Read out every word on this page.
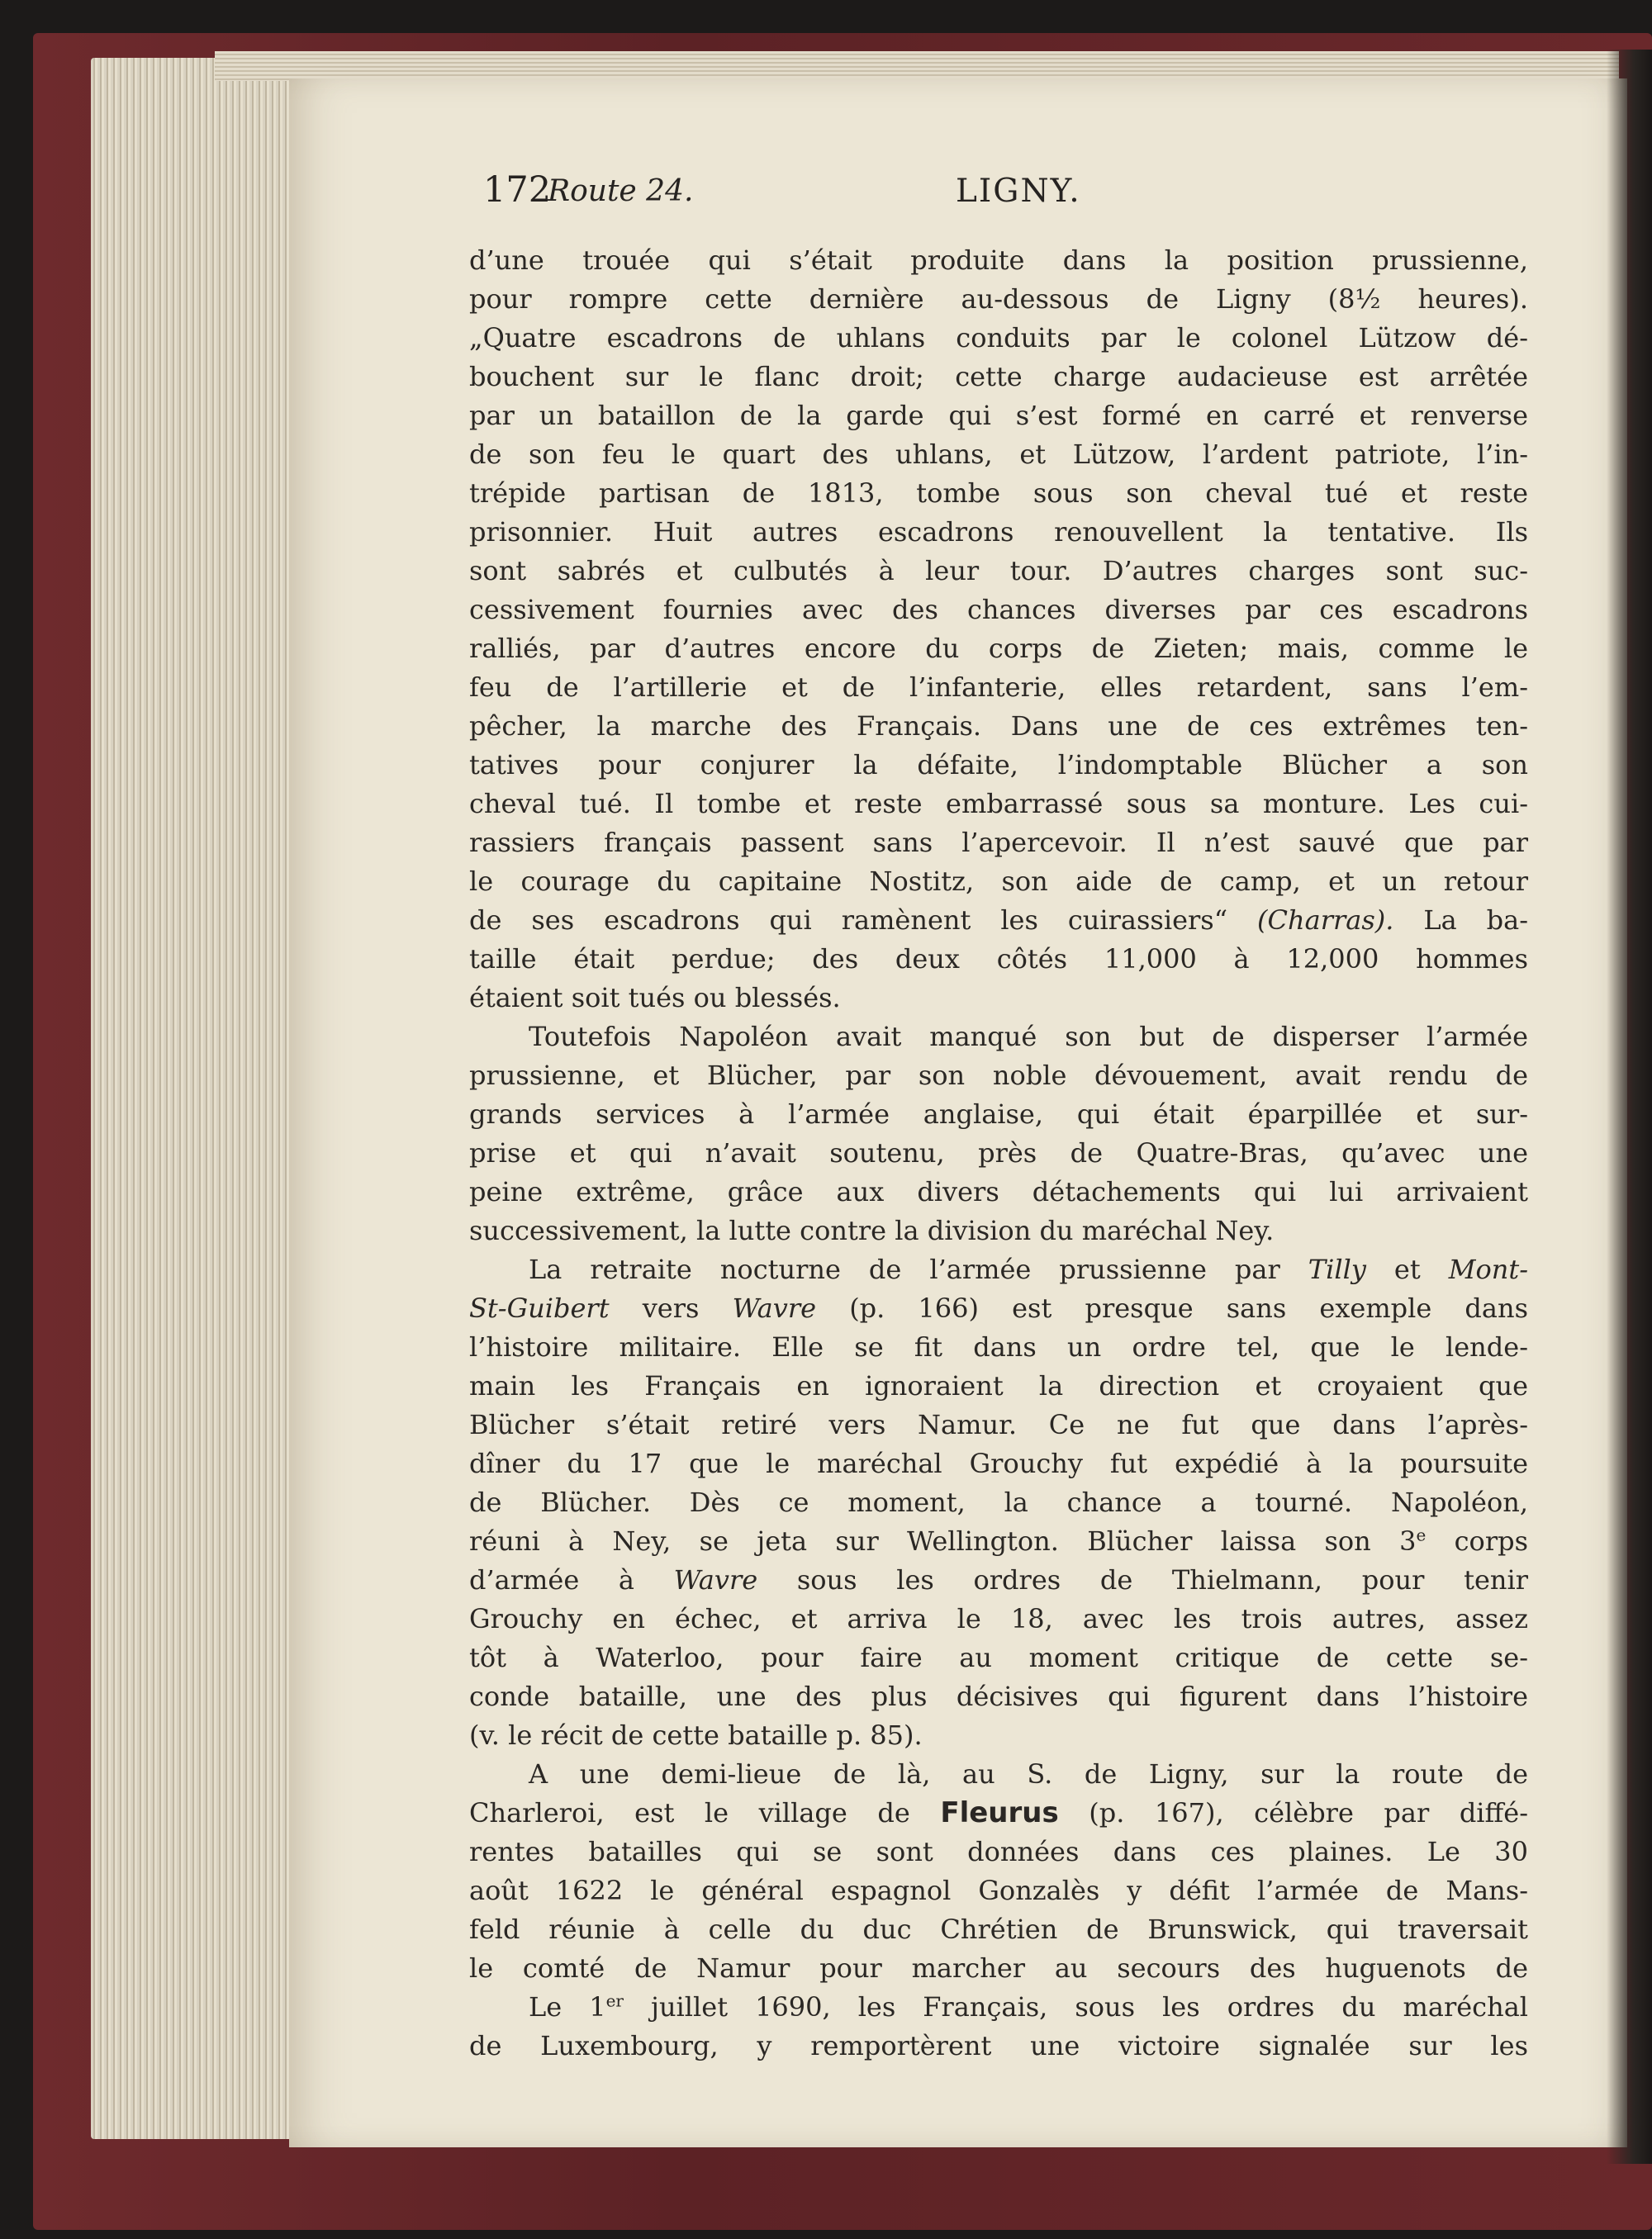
172
Route 24.	LIGNY.
d’une trouée qui s’était produite dans la position prussienne,
pour rompre cette dernière au-dessous de Ligny (8½ heures).
„Quatre escadrons de uhlans conduits par le colonel Lützow dé-
bouchent sur le flanc droit; cette charge audacieuse est arrêtée
par un bataillon de la garde qui s’est formé en carré et renverse
de son feu le quart des uhlans, et Lützow, l’ardent patriote, l’in-
trépide partisan de 1813, tombe sous son cheval tué et reste
prisonnier. Huit autres escadrons renouvellent la tentative. Ils
sont sabrés et culbutés à leur tour. D’autres charges sont suc-
cessivement fournies avec des chances diverses par ces escadrons
ralliés, par d’autres encore du corps de Zieten; mais, comme le
feu de l’artillerie et de l’infanterie, elles retardent, sans l’em-
pêcher, la marche des Français. Dans une de ces extrêmes ten-
tatives pour conjurer la défaite, l’indomptable Blücher a son
cheval tué. Il tombe et reste embarrassé sous sa monture. Les cui-
rassiers français passent sans l’apercevoir. Il n’est sauvé que par
le courage du capitaine Nostitz, son aide de camp, et un retour
de ses escadrons qui ramènent les cuirassiers“ (Charras). La ba-
taille était perdue; des deux côtés 11,000 à 12,000 hommes
étaient soit tués ou blessés.
Toutefois Napoléon avait manqué son but de disperser l’armée
prussienne, et Blücher, par son noble dévouement, avait rendu de
grands services à l’armée anglaise, qui était éparpillée et sur-
prise et qui n’avait soutenu, près de Quatre-Bras, qu’avec une
peine extrême, grâce aux divers détachements qui lui arrivaient
successivement, la lutte contre la division du maréchal Ney.
La retraite nocturne de l’armée prussienne par Tilly et Mont-
St-Guibert vers Wavre (p. 166) est presque sans exemple dans
l’histoire militaire. Elle se fit dans un ordre tel, que le lende-
main les Français en ignoraient la direction et croyaient que
Blücher s’était retiré vers Namur. Ce ne fut que dans l’après-
dîner du 17 que le maréchal Grouchy fut expédié à la poursuite
de Blücher. Dès ce moment, la chance a tourné. Napoléon,
réuni à Ney, se jeta sur Wellington. Blücher laissa son 3e corps
d’armée à Wavre sous les ordres de Thielmann, pour tenir
Grouchy en échec, et arriva le 18, avec les trois autres, assez
tôt à Waterloo, pour faire au moment critique de cette se-
conde bataille, une des plus décisives qui figurent dans l’histoire
(v. le récit de cette bataille p. 85).
A une demi-lieue de là, au S. de Ligny, sur la route de
Charleroi, est le village de Fleurus (p. 167), célèbre par diffé-
rentes batailles qui se sont données dans ces plaines. Le 30
août 1622 le général espagnol Gonzalès y défit l’armée de Mans-
feld réunie à celle du duc Chrétien de Brunswick, qui traversait
le comté de Namur pour marcher au secours des huguenots de
Le 1er juillet 1690, les Français, sous les ordres du maréchal
de Luxembourg, y remportèrent une victoire signalée sur les
